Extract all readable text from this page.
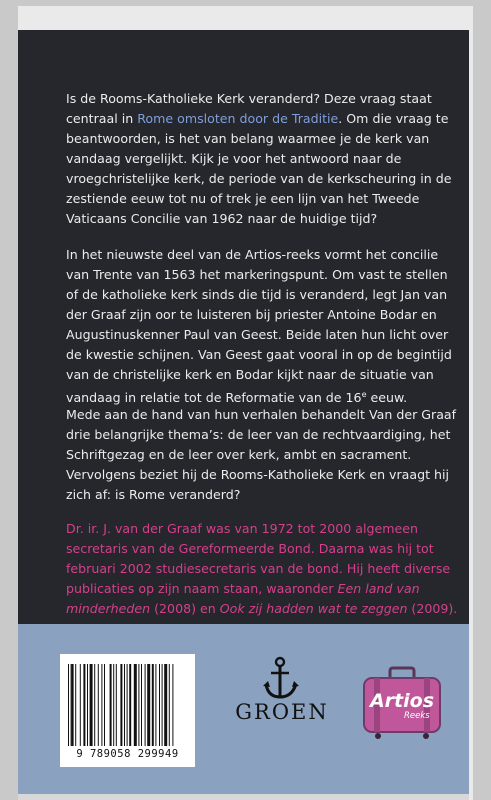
Is de Rooms-Katholieke Kerk veranderd? Deze vraag staat centraal in Rome omsloten door de Traditie. Om die vraag te beantwoorden, is het van belang waarmee je de kerk van vandaag vergelijkt. Kijk je voor het antwoord naar de vroegchristelijke kerk, de periode van de kerkscheuring in de zestiende eeuw tot nu of trek je een lijn van het Tweede Vaticaans Concilie van 1962 naar de huidige tijd?

In het nieuwste deel van de Artios-reeks vormt het concilie van Trente van 1563 het markeringspunt. Om vast te stellen of de katholieke kerk sinds die tijd is veranderd, legt Jan van der Graaf zijn oor te luisteren bij priester Antoine Bodar en Augustinuskenner Paul van Geest. Beide laten hun licht over de kwestie schijnen. Van Geest gaat vooral in op de begintijd van de christelijke kerk en Bodar kijkt naar de situatie van vandaag in relatie tot de Reformatie van de 16e eeuw.

Mede aan de hand van hun verhalen behandelt Van der Graaf drie belangrijke thema’s: de leer van de rechtvaardiging, het Schriftgezag en de leer over kerk, ambt en sacrament. Vervolgens beziet hij de Rooms-Katholieke Kerk en vraagt hij zich af: is Rome veranderd?

Dr. ir. J. van der Graaf was van 1972 tot 2000 algemeen secretaris van de Gereformeerde Bond. Daarna was hij tot februari 2002 studiesecretaris van de bond. Hij heeft diverse publicaties op zijn naam staan, waaronder Een land van minderheden (2008) en Ook zij hadden wat te zeggen (2009).

9 789058 299949
GROEN	Artios
Reeks
